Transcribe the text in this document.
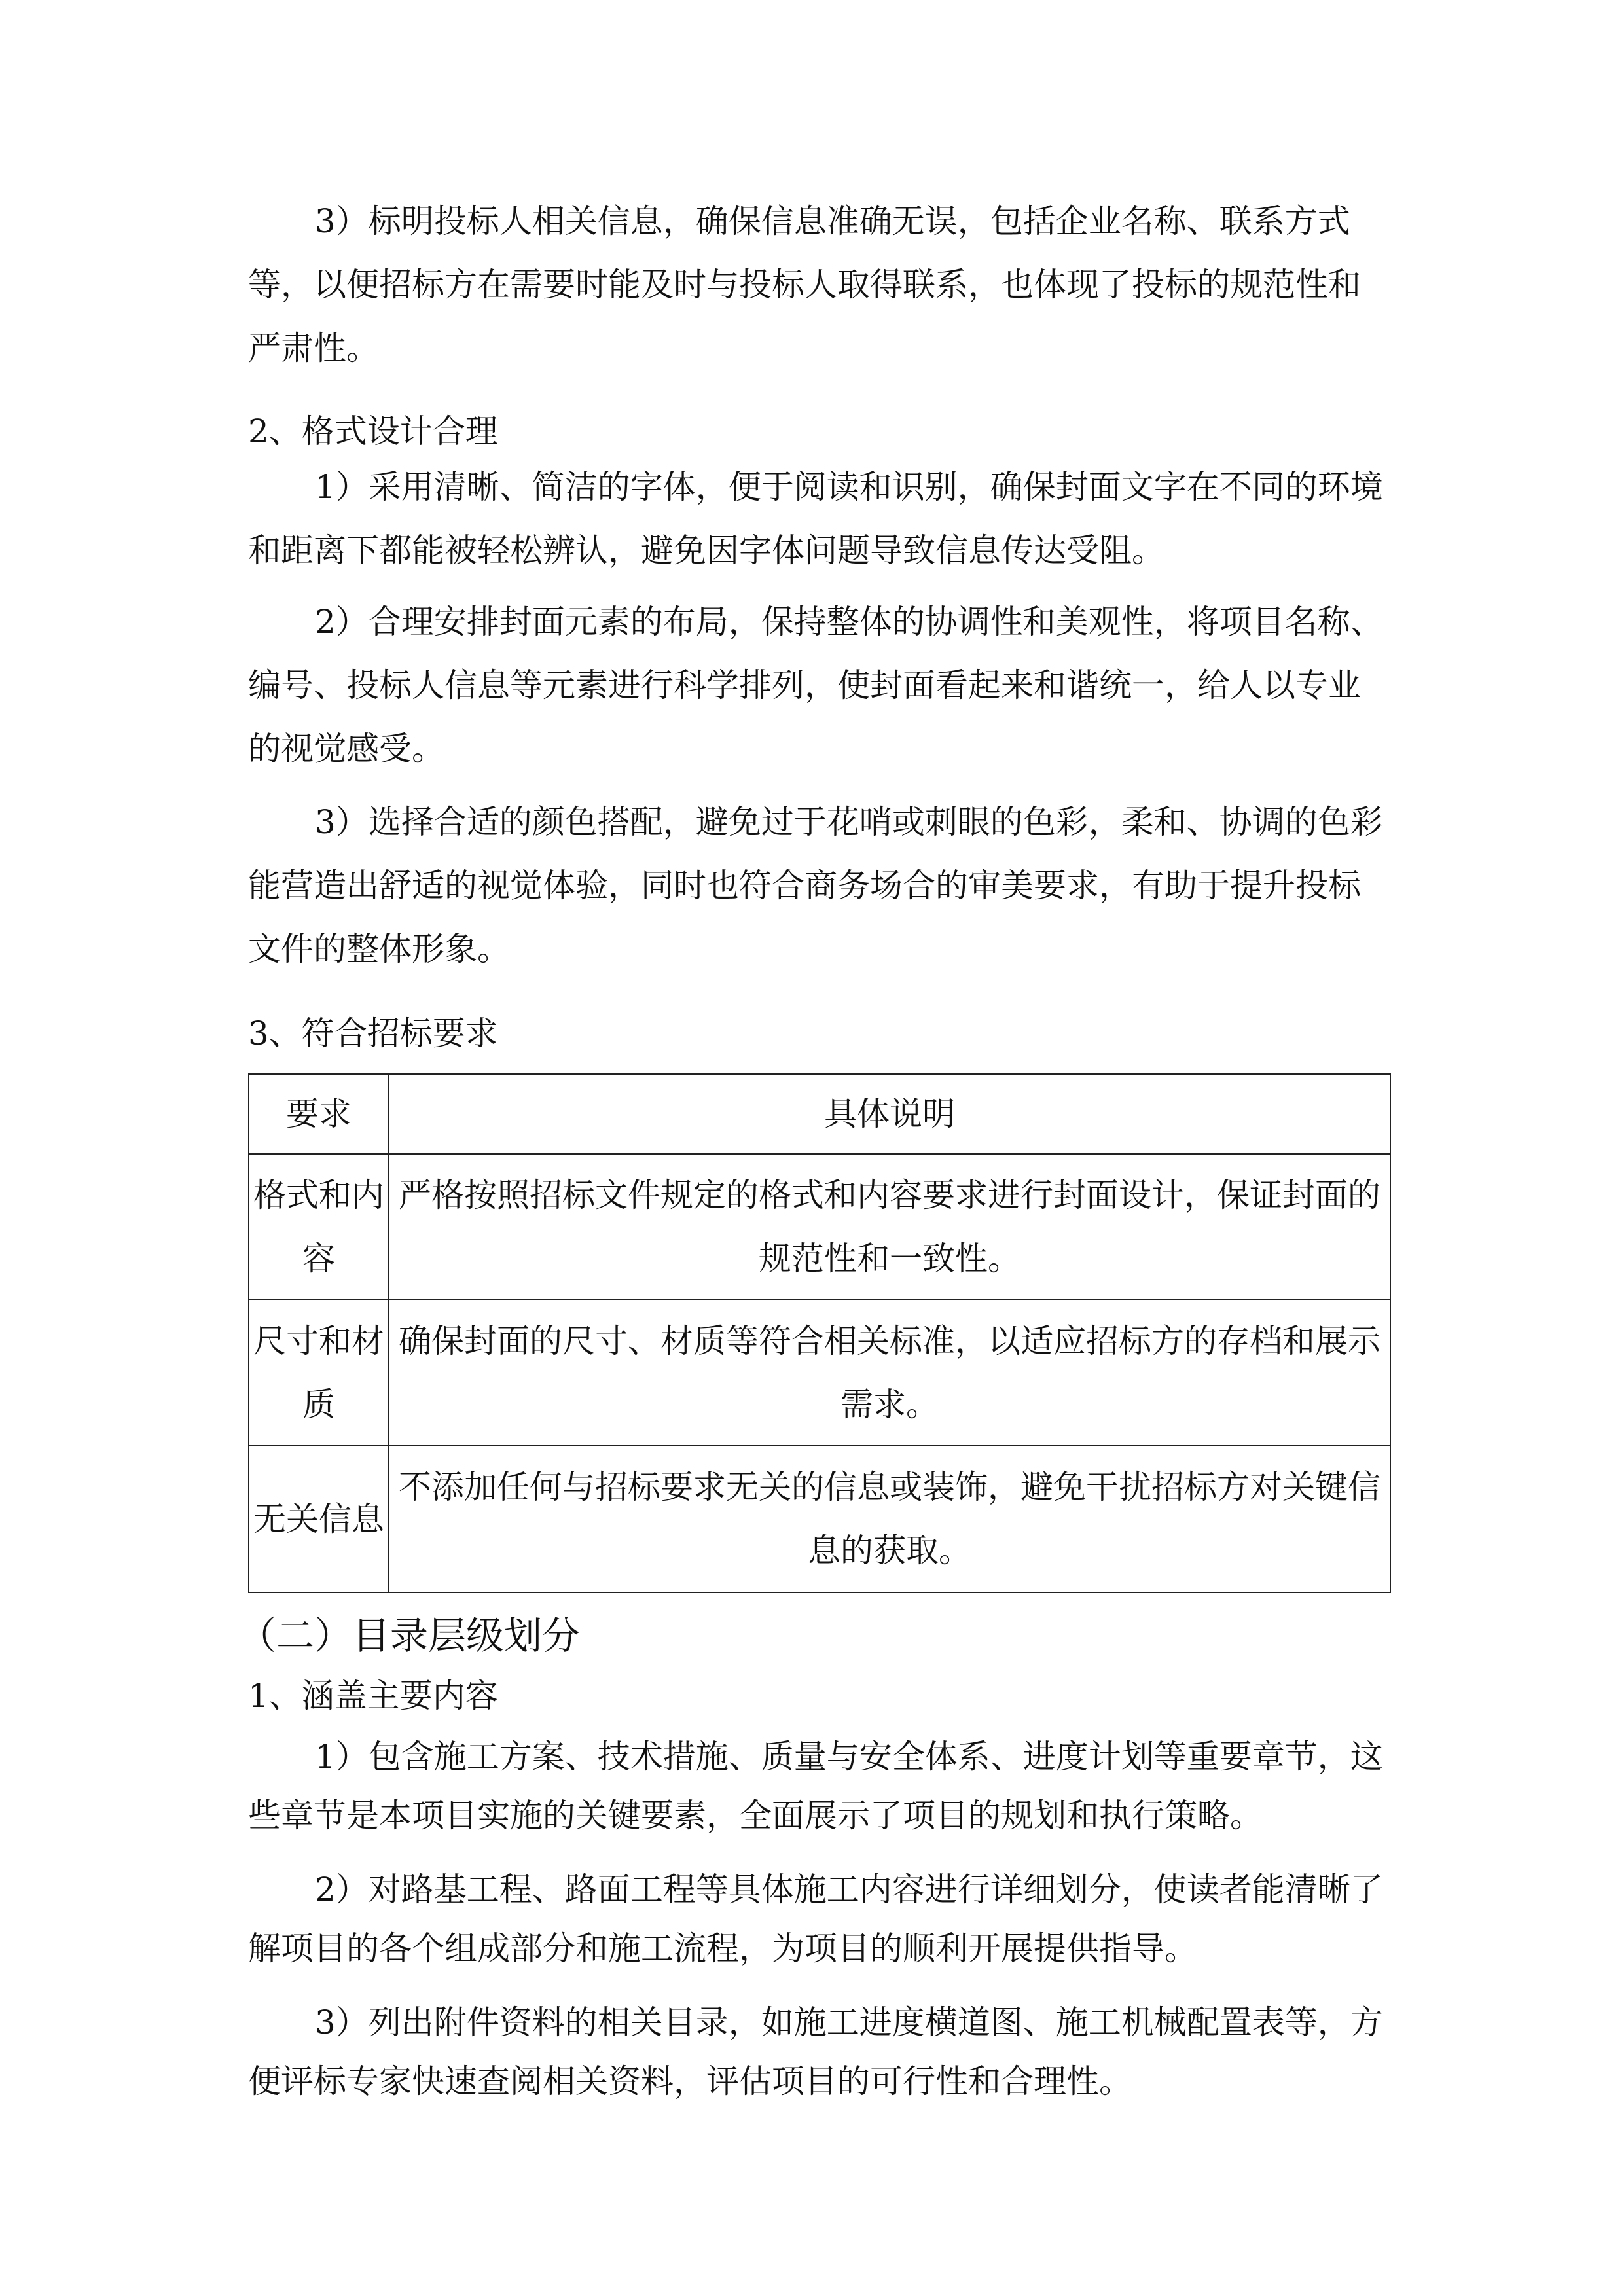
3）标明投标人相关信息，确保信息准确无误，包括企业名称、联系方式
等，以便招标方在需要时能及时与投标人取得联系，也体现了投标的规范性和
严肃性。
2、格式设计合理
1）采用清晰、简洁的字体，便于阅读和识别，确保封面文字在不同的环境
和距离下都能被轻松辨认，避免因字体问题导致信息传达受阻。
2）合理安排封面元素的布局，保持整体的协调性和美观性，将项目名称、
编号、投标人信息等元素进行科学排列，使封面看起来和谐统一，给人以专业
的视觉感受。
3）选择合适的颜色搭配，避免过于花哨或刺眼的色彩，柔和、协调的色彩
能营造出舒适的视觉体验，同时也符合商务场合的审美要求，有助于提升投标
文件的整体形象。
3、符合招标要求
要求	具体说明

格式和内
容	严格按照招标文件规定的格式和内容要求进行封面设计，保证封面的
规范性和一致性。

尺寸和材
质	确保封面的尺寸、材质等符合相关标准，以适应招标方的存档和展示
需求。

无关信息	不添加任何与招标要求无关的信息或装饰，避免干扰招标方对关键信
息的获取。
（二）目录层级划分
1、涵盖主要内容
1）包含施工方案、技术措施、质量与安全体系、进度计划等重要章节，这
些章节是本项目实施的关键要素，全面展示了项目的规划和执行策略。
2）对路基工程、路面工程等具体施工内容进行详细划分，使读者能清晰了
解项目的各个组成部分和施工流程，为项目的顺利开展提供指导。
3）列出附件资料的相关目录，如施工进度横道图、施工机械配置表等，方
便评标专家快速查阅相关资料，评估项目的可行性和合理性。
